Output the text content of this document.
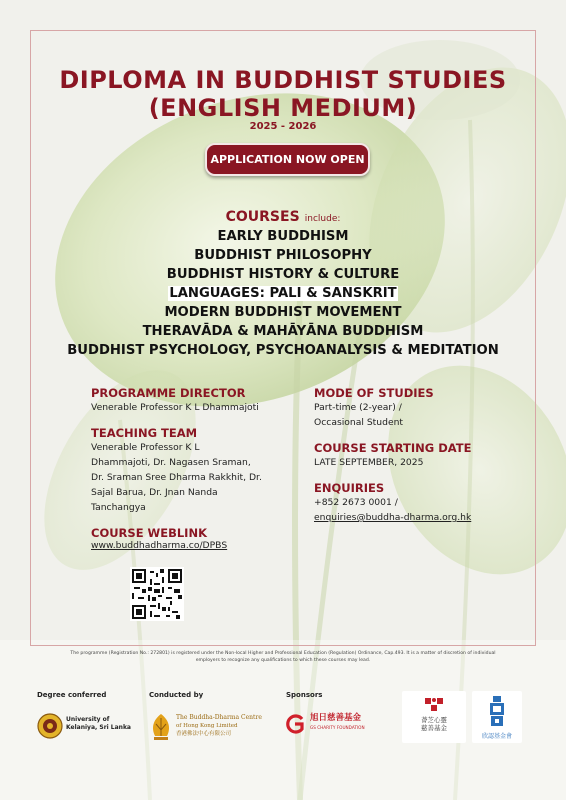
DIPLOMA IN BUDDHIST STUDIES
(ENGLISH MEDIUM)
2025 - 2026
APPLICATION NOW OPEN
COURSES include:
EARLY BUDDHISM
BUDDHIST PHILOSOPHY
BUDDHIST HISTORY & CULTURE
LANGUAGES: PALI & SANSKRIT
MODERN BUDDHIST MOVEMENT
THERAVĀDA & MAHĀYĀNA BUDDHISM
BUDDHIST PSYCHOLOGY, PSYCHOANALYSIS & MEDITATION
PROGRAMME DIRECTOR
Venerable Professor K L Dhammajoti
TEACHING TEAM
Venerable Professor K L
Dhammajoti, Dr. Nagasen Sraman,
Dr. Sraman Sree Dharma Rakkhit, Dr.
Sajal Barua, Dr. Jnan Nanda
Tanchangya
COURSE WEBLINK
www.buddhadharma.co/DPBS
MODE OF STUDIES
Part-time (2-year) /
Occasional Student
COURSE STARTING DATE
LATE SEPTEMBER, 2025
ENQUIRIES
+852 2673 0001 /
enquiries@buddha-dharma.org.hk
The programme (Registration No.: 272801) is registered under the Non-local Higher and Professional Education (Regulation) Ordinance, Cap.493. It is a matter of discretion of individual
employers to recognize any qualifications to which these courses may lead.
Degree conferred	Conducted by	Sponsors
University of
Kelaniya, Sri Lanka
The Buddha-Dharma Centre
of Hong Kong Limited
香港佛法中心有限公司
旭日慈善基金
GS CHARITY FOUNDATION
薈芝心靈
慈善基金
欣認基金會
